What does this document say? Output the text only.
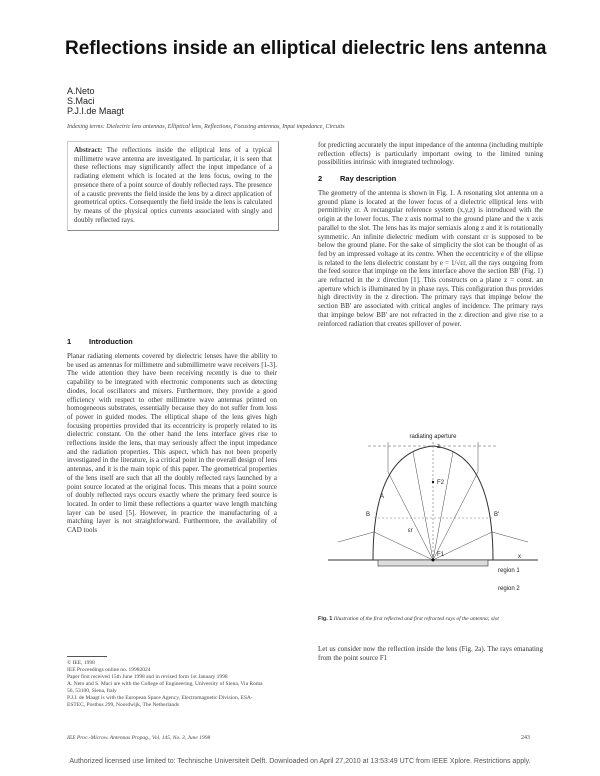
Reflections inside an elliptical dielectric lens antenna
A.Neto
S.Maci
P.J.I.de Maagt
Indexing terms: Dielectric lens antennas, Elliptical lens, Reflections, Focusing antennas, Input impedance, Circuits
Abstract: The reflections inside the elliptical lens of a typical millimetre wave antenna are investigated. In particular, it is seen that these reflections may significantly affect the input impedance of a radiating element which is located at the lens focus, owing to the presence there of a point source of doubly reflected rays. The presence of a caustic prevents the field inside the lens by a direct application of geometrical optics. Consequently the field inside the lens is calculated by means of the physical optics currents associated with singly and doubly reflected rays.
1 Introduction
Planar radiating elements covered by dielectric lenses have the ability to be used as antennas for millimetre and submillimetre wave receivers [1-3]. The wide attention they have been receiving recently is due to their capability to be integrated with electronic components such as detecting diodes, local oscillators and mixers. Furthermore, they provide a good efficiency with respect to other millimetre wave antennas printed on homogeneous substrates, essentially because they do not suffer from loss of power in guided modes. The elliptical shape of the lens gives high focusing properties provided that its eccentricity is properly related to its dielectric constant. On the other hand the lens interface gives rise to reflections inside the lens, that may seriously affect the input impedance and the radiation properties. This aspect, which has not been properly investigated in the literature, is a critical point in the overall design of lens antennas, and it is the main topic of this paper. The geometrical properties of the lens itself are such that all the doubly reflected rays launched by a point source located at the original focus. This means that a point source of doubly reflected rays occurs exactly where the primary feed source is located. In order to limit these reflections a quarter wave length matching layer can be used [5]. However, in practice the manufacturing of a matching layer is not straightforward. Furthermore, the availability of CAD tools
© IEE, 1998
IEE Proceedings online no. 19982024
Paper first received 15th June 1998 and in revised form 1st January 1998
A. Neto and S. Maci are with the College of Engineering, University of Siena, Via Roma 56, 53100, Siena, Italy
P.J.I. de Maagt is with the European Space Agency, Electromagnetic Division, ESA-ESTEC, Postbus 299, Noordwijk, The Netherlands
for predicting accurately the input impedance of the antenna (including multiple reflection effects) is particularly important owing to the limited tuning possibilities intrinsic with integrated technology.
2 Ray description
The geometry of the antenna is shown in Fig. 1. A resonating slot antenna on a ground plane is located at the lower focus of a dielectric elliptical lens with permittivity εr. A rectangular reference system (x,y,z) is introduced with the origin at the lower focus. The z axis normal to the ground plane and the x axis parallel to the slot. The lens has its major semiaxis along z and it is rotationally symmetric. An infinite dielectric medium with constant εr is supposed to be below the ground plane. For the sake of simplicity the slot can be thought of as fed by an impressed voltage at its centre. When the eccentricity e of the ellipse is related to the lens dielectric constant by e = 1/√εr, all the rays outgoing from the feed source that impinge on the lens interface above the section BB' (Fig. 1) are refracted in the z direction [1]. This constructs on a plane z = const. an aperture which is illuminated by in phase rays. This configuration thus provides high directivity in the z direction. The primary rays that impinge below the section BB' are associated with critical angles of incidence. The primary rays that impinge below BB' are not refracted in the z direction and give rise to a reinforced radiation that creates spillover of power.
radiating aperture
z
F2
F1
B	B'
A
εr
x
region 1
region 2
Fig. 1 Illustration of the first reflected and first refracted rays of the antenna; slot
Let us consider now the reflection inside the lens (Fig. 2a). The rays emanating from the point source F1
IEE Proc.-Microw. Antennas Propag., Vol. 145, No. 3, June 1998	243
Authorized licensed use limited to: Technische Universiteit Delft. Downloaded on April 27,2010 at 13:53:49 UTC from IEEE Xplore. Restrictions apply.
